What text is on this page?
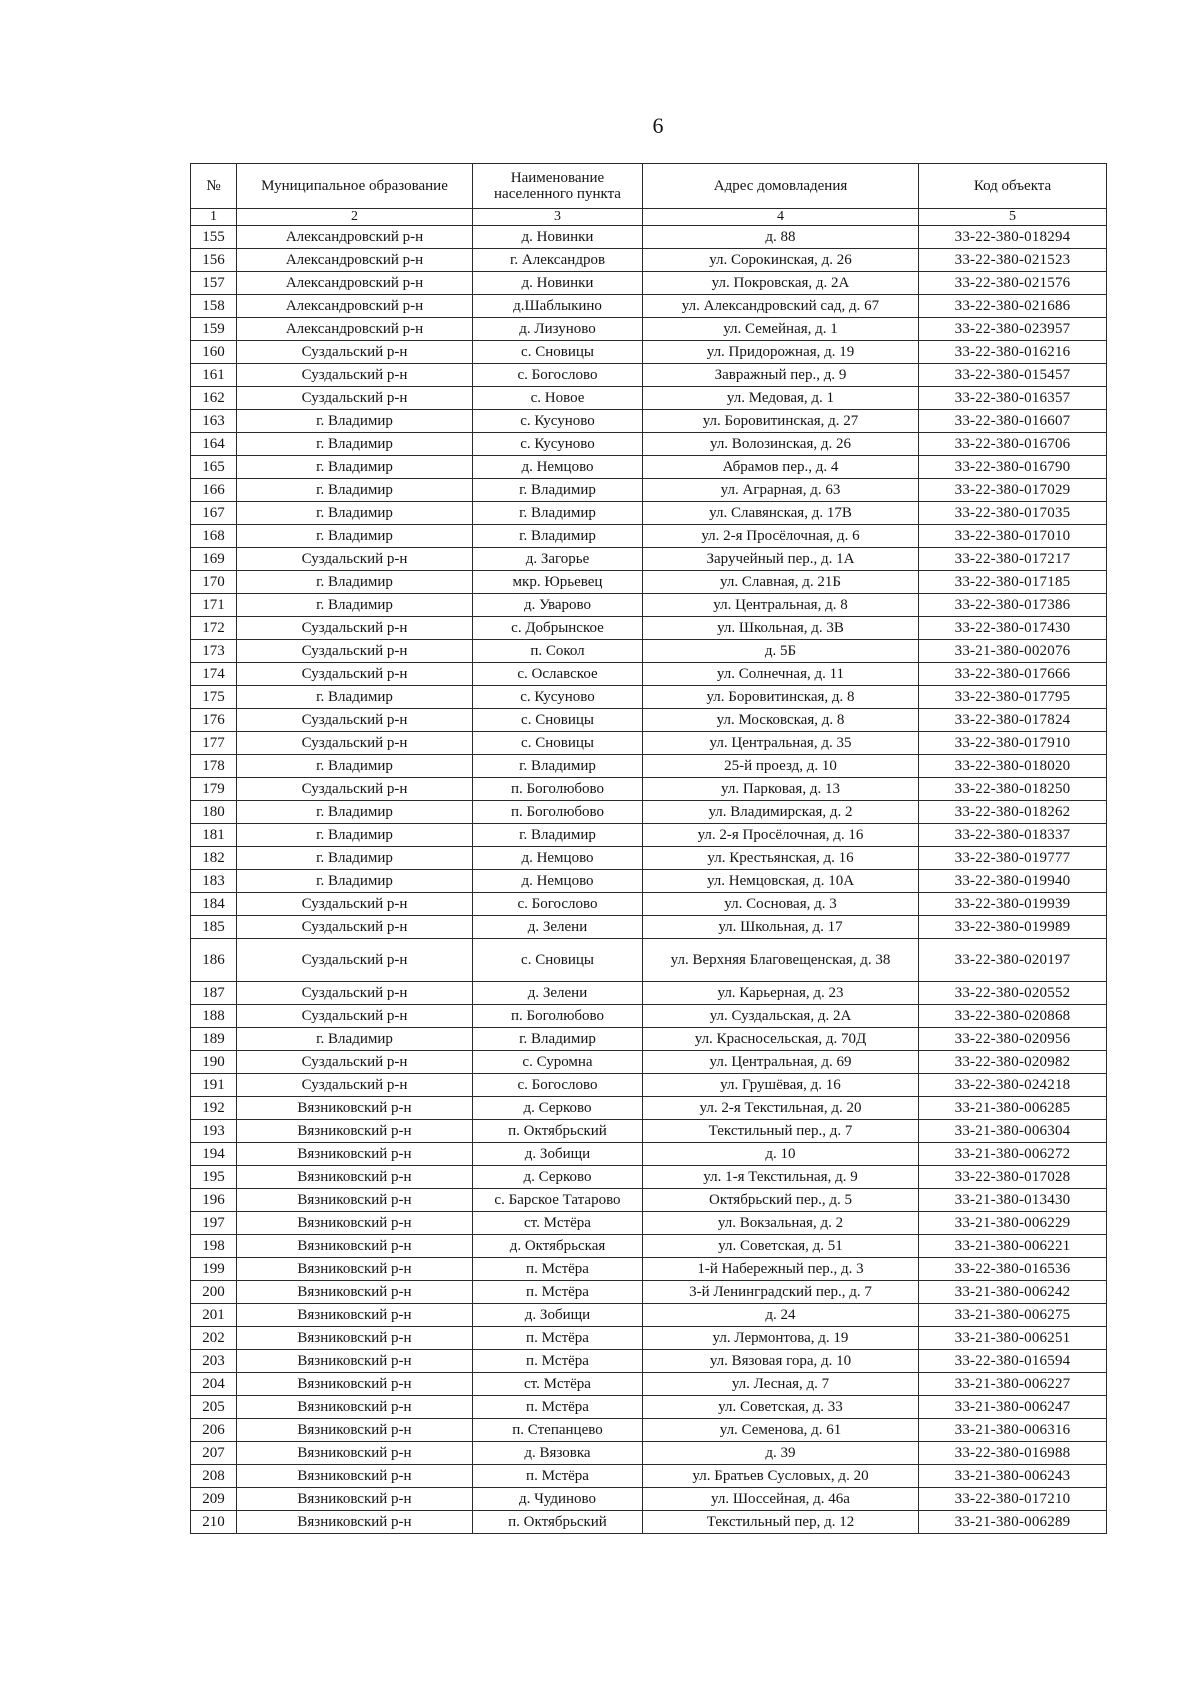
6
№	Муниципальное образование	Наименование населенного пункта	Адрес домовладения	Код объекта
1	2	3	4	5
155	Александровский р-н	д. Новинки	д. 88	33-22-380-018294
156	Александровский р-н	г. Александров	ул. Сорокинская, д. 26	33-22-380-021523
157	Александровский р-н	д. Новинки	ул. Покровская, д. 2А	33-22-380-021576
158	Александровский р-н	д.Шаблыкино	ул. Александровский сад, д. 67	33-22-380-021686
159	Александровский р-н	д. Лизуново	ул. Семейная, д. 1	33-22-380-023957
160	Суздальский р-н	с. Сновицы	ул. Придорожная, д. 19	33-22-380-016216
161	Суздальский р-н	с. Богослово	Завражный пер., д. 9	33-22-380-015457
162	Суздальский р-н	с. Новое	ул. Медовая, д. 1	33-22-380-016357
163	г. Владимир	с. Кусуново	ул. Боровитинская, д. 27	33-22-380-016607
164	г. Владимир	с. Кусуново	ул. Волозинская, д. 26	33-22-380-016706
165	г. Владимир	д. Немцово	Абрамов пер., д. 4	33-22-380-016790
166	г. Владимир	г. Владимир	ул. Аграрная, д. 63	33-22-380-017029
167	г. Владимир	г. Владимир	ул. Славянская, д. 17В	33-22-380-017035
168	г. Владимир	г. Владимир	ул. 2-я Просёлочная, д. 6	33-22-380-017010
169	Суздальский р-н	д. Загорье	Заручейный пер., д. 1А	33-22-380-017217
170	г. Владимир	мкр. Юрьевец	ул. Славная, д. 21Б	33-22-380-017185
171	г. Владимир	д. Уварово	ул. Центральная, д. 8	33-22-380-017386
172	Суздальский р-н	с. Добрынское	ул. Школьная, д. 3В	33-22-380-017430
173	Суздальский р-н	п. Сокол	д. 5Б	33-21-380-002076
174	Суздальский р-н	с. Ославское	ул. Солнечная, д. 11	33-22-380-017666
175	г. Владимир	с. Кусуново	ул. Боровитинская, д. 8	33-22-380-017795
176	Суздальский р-н	с. Сновицы	ул. Московская, д. 8	33-22-380-017824
177	Суздальский р-н	с. Сновицы	ул. Центральная, д. 35	33-22-380-017910
178	г. Владимир	г. Владимир	25-й проезд, д. 10	33-22-380-018020
179	Суздальский р-н	п. Боголюбово	ул. Парковая, д. 13	33-22-380-018250
180	г. Владимир	п. Боголюбово	ул. Владимирская, д. 2	33-22-380-018262
181	г. Владимир	г. Владимир	ул. 2-я Просёлочная, д. 16	33-22-380-018337
182	г. Владимир	д. Немцово	ул. Крестьянская, д. 16	33-22-380-019777
183	г. Владимир	д. Немцово	ул. Немцовская, д. 10А	33-22-380-019940
184	Суздальский р-н	с. Богослово	ул. Сосновая, д. 3	33-22-380-019939
185	Суздальский р-н	д. Зелени	ул. Школьная, д. 17	33-22-380-019989
186	Суздальский р-н	с. Сновицы	ул. Верхняя Благовещенская, д. 38	33-22-380-020197
187	Суздальский р-н	д. Зелени	ул. Карьерная, д. 23	33-22-380-020552
188	Суздальский р-н	п. Боголюбово	ул. Суздальская, д. 2А	33-22-380-020868
189	г. Владимир	г. Владимир	ул. Красносельская, д. 70Д	33-22-380-020956
190	Суздальский р-н	с. Суромна	ул. Центральная, д. 69	33-22-380-020982
191	Суздальский р-н	с. Богослово	ул. Грушёвая, д. 16	33-22-380-024218
192	Вязниковский р-н	д. Серково	ул. 2-я Текстильная, д. 20	33-21-380-006285
193	Вязниковский р-н	п. Октябрьский	Текстильный пер., д. 7	33-21-380-006304
194	Вязниковский р-н	д. Зобищи	д. 10	33-21-380-006272
195	Вязниковский р-н	д. Серково	ул. 1-я Текстильная, д. 9	33-22-380-017028
196	Вязниковский р-н	с. Барское Татарово	Октябрьский пер., д. 5	33-21-380-013430
197	Вязниковский р-н	ст. Мстёра	ул. Вокзальная, д. 2	33-21-380-006229
198	Вязниковский р-н	д. Октябрьская	ул. Советская, д. 51	33-21-380-006221
199	Вязниковский р-н	п. Мстёра	1-й Набережный пер., д. 3	33-22-380-016536
200	Вязниковский р-н	п. Мстёра	3-й Ленинградский пер., д. 7	33-21-380-006242
201	Вязниковский р-н	д. Зобищи	д. 24	33-21-380-006275
202	Вязниковский р-н	п. Мстёра	ул. Лермонтова, д. 19	33-21-380-006251
203	Вязниковский р-н	п. Мстёра	ул. Вязовая гора, д. 10	33-22-380-016594
204	Вязниковский р-н	ст. Мстёра	ул. Лесная, д. 7	33-21-380-006227
205	Вязниковский р-н	п. Мстёра	ул. Советская, д. 33	33-21-380-006247
206	Вязниковский р-н	п. Степанцево	ул. Семенова, д. 61	33-21-380-006316
207	Вязниковский р-н	д. Вязовка	д. 39	33-22-380-016988
208	Вязниковский р-н	п. Мстёра	ул. Братьев Сусловых, д. 20	33-21-380-006243
209	Вязниковский р-н	д. Чудиново	ул. Шоссейная, д. 46а	33-22-380-017210
210	Вязниковский р-н	п. Октябрьский	Текстильный пер, д. 12	33-21-380-006289
